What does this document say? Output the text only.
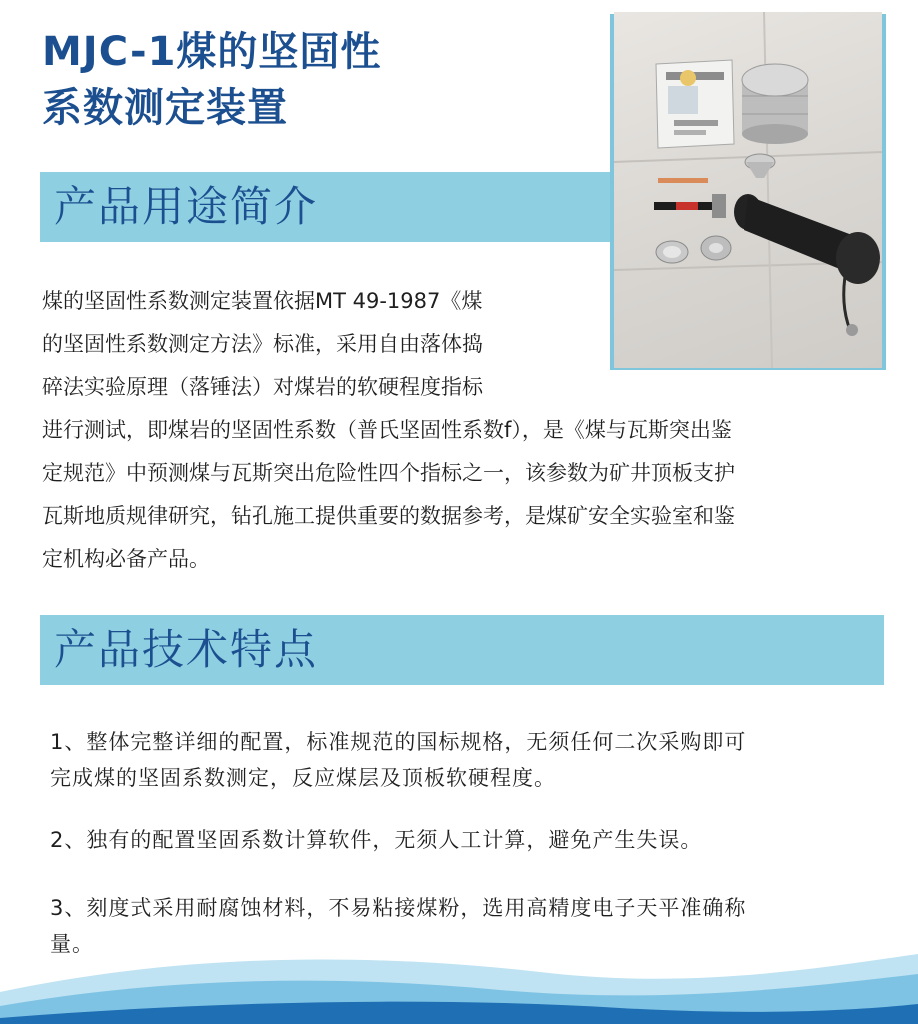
MJC-1煤的坚固性
系数测定装置
产品用途简介

煤的坚固性系数测定装置依据MT 49-1987《煤
的坚固性系数测定方法》标准，采用自由落体捣
碎法实验原理（落锤法）对煤岩的软硬程度指标
进行测试，即煤岩的坚固性系数（普氏坚固性系数f），是《煤与瓦斯突出鉴
定规范》中预测煤与瓦斯突出危险性四个指标之一，该参数为矿井顶板支护
瓦斯地质规律研究，钻孔施工提供重要的数据参考，是煤矿安全实验室和鉴
定机构必备产品。

产品技术特点

1、整体完整详细的配置，标准规范的国标规格，无须任何二次采购即可
完成煤的坚固系数测定，反应煤层及顶板软硬程度。

2、独有的配置坚固系数计算软件，无须人工计算，避免产生失误。

3、刻度式采用耐腐蚀材料，不易粘接煤粉，选用高精度电子天平准确称
量。
